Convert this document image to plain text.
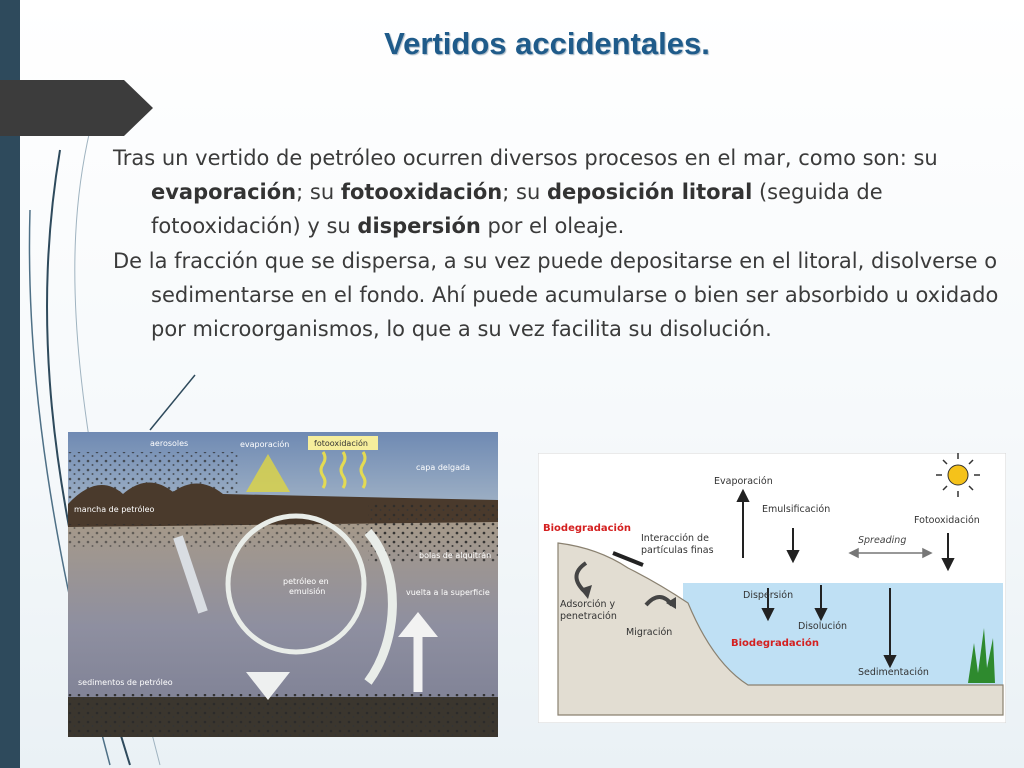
Vertidos accidentales.

Tras un vertido de petróleo ocurren diversos procesos en el mar, como son: su evaporación; su fotooxidación; su deposición litoral (seguida de fotooxidación) y su dispersión por el oleaje.

De la fracción que se dispersa, a su vez puede depositarse en el litoral, disolverse o sedimentarse en el fondo. Ahí puede acumularse o bien ser absorbido u oxidado por microorganismos, lo que a su vez facilita su disolución.

aerosoles	evaporación	fotooxidación
capa delgada
mancha de petróleo
bolas de alquitrán
petróleo en
emulsión	vuelta a la superficie
sedimentos de petróleo
Evaporación
Emulsificación
Fotooxidación
Biodegradación
Interacción de
partículas finas
Spreading
Adsorción y
penetración
Migración
Dispersión
Disolución
Biodegradación
Sedimentación
